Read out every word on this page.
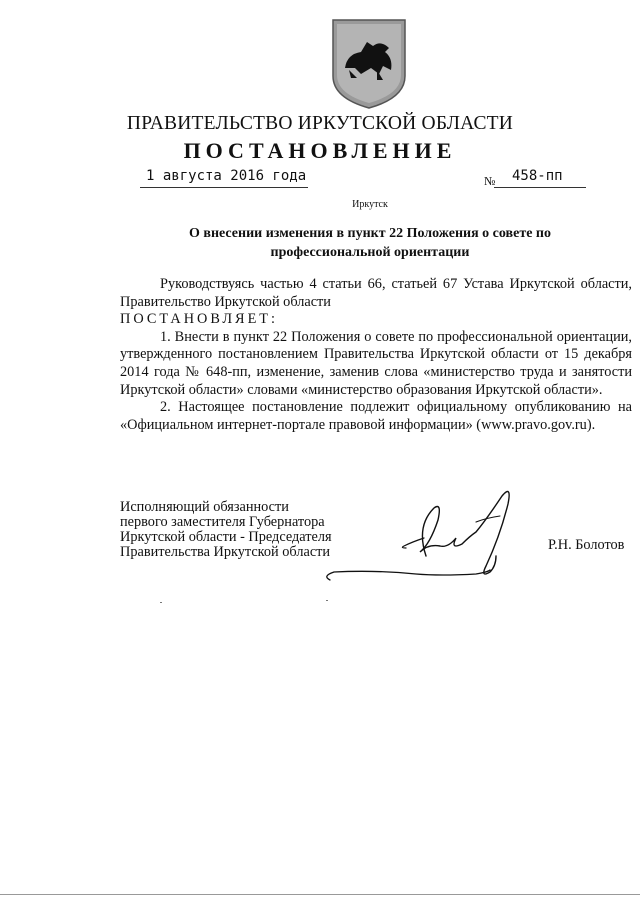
ПРАВИТЕЛЬСТВО ИРКУТСКОЙ ОБЛАСТИ
ПОСТАНОВЛЕНИЕ
1 августа 2016 года	№ 458-пп
Иркутск
О внесении изменения в пункт 22 Положения о совете по профессиональной ориентации

Руководствуясь частью 4 статьи 66, статьей 67 Устава Иркутской области, Правительство Иркутской области

ПОСТАНОВЛЯЕТ:

1. Внести в пункт 22 Положения о совете по профессиональной ориентации, утвержденного постановлением Правительства Иркутской области от 15 декабря 2014 года № 648-пп, изменение, заменив слова «министерство труда и занятости Иркутской области» словами «министерство образования Иркутской области».

2. Настоящее постановление подлежит официальному опубликованию на «Официальном интернет-портале правовой информации» (www.pravo.gov.ru).

Исполняющий обязанности
первого заместителя Губернатора
Иркутской области - Председателя
Правительства Иркутской области	Р.Н. Болотов
